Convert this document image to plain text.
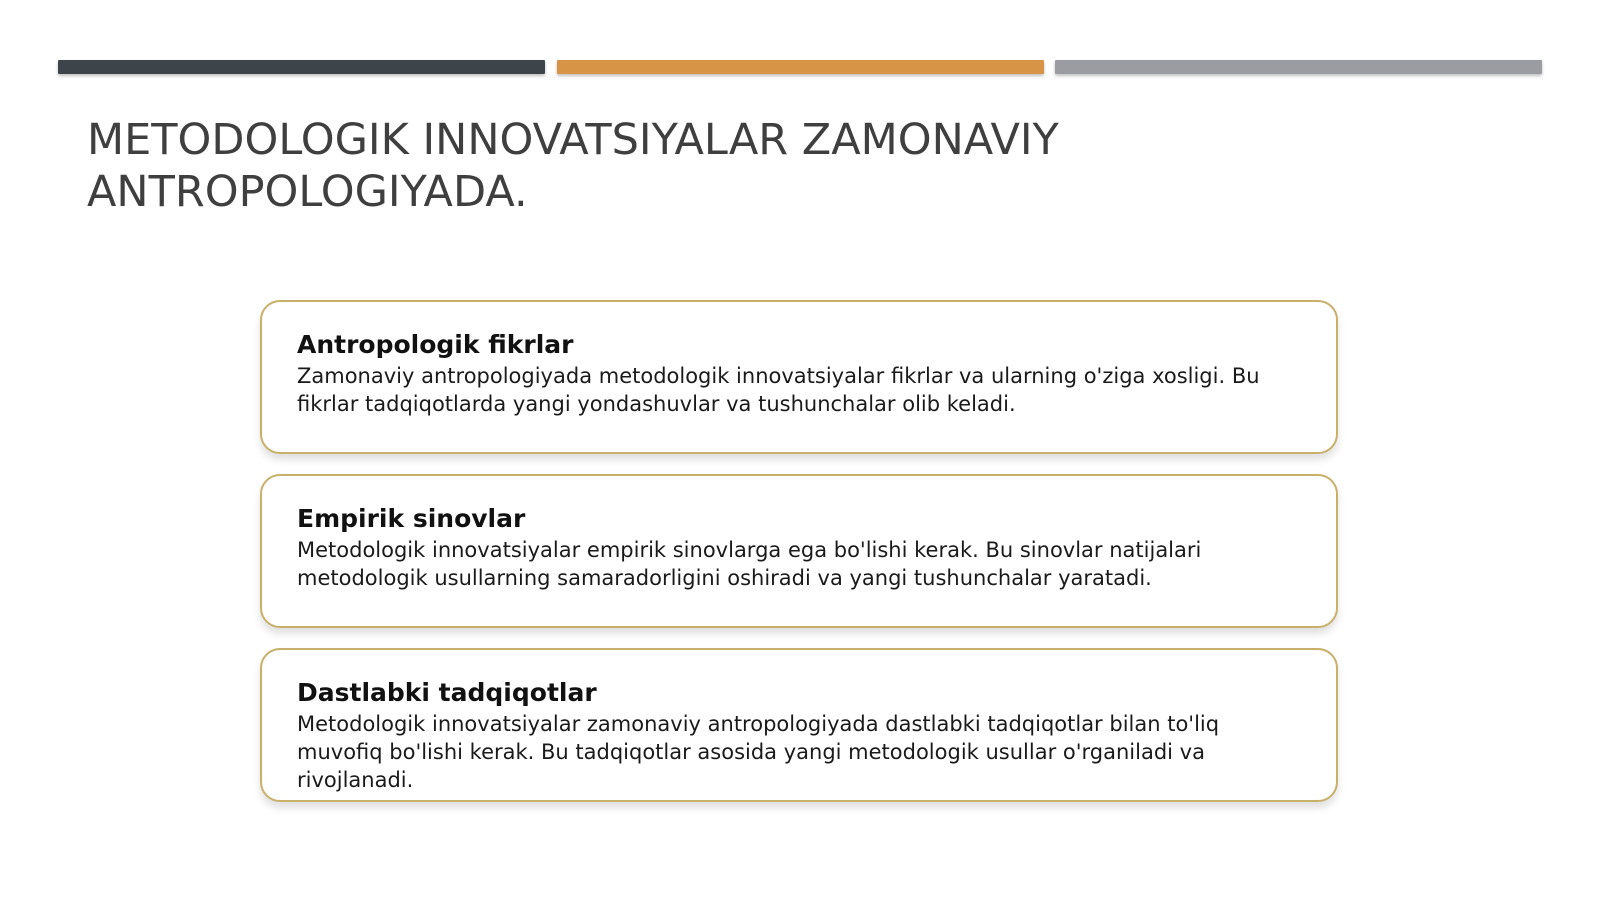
METODOLOGIK INNOVATSIYALAR ZAMONAVIY ANTROPOLOGIYADA.
Antropologik fikrlar

Zamonaviy antropologiyada metodologik innovatsiyalar fikrlar va ularning o'ziga xosligi. Bu fikrlar tadqiqotlarda yangi yondashuvlar va tushunchalar olib keladi.

Empirik sinovlar

Metodologik innovatsiyalar empirik sinovlarga ega bo'lishi kerak. Bu sinovlar natijalari metodologik usullarning samaradorligini oshiradi va yangi tushunchalar yaratadi.

Dastlabki tadqiqotlar

Metodologik innovatsiyalar zamonaviy antropologiyada dastlabki tadqiqotlar bilan to'liq muvofiq bo'lishi kerak. Bu tadqiqotlar asosida yangi metodologik usullar o'rganiladi va rivojlanadi.
